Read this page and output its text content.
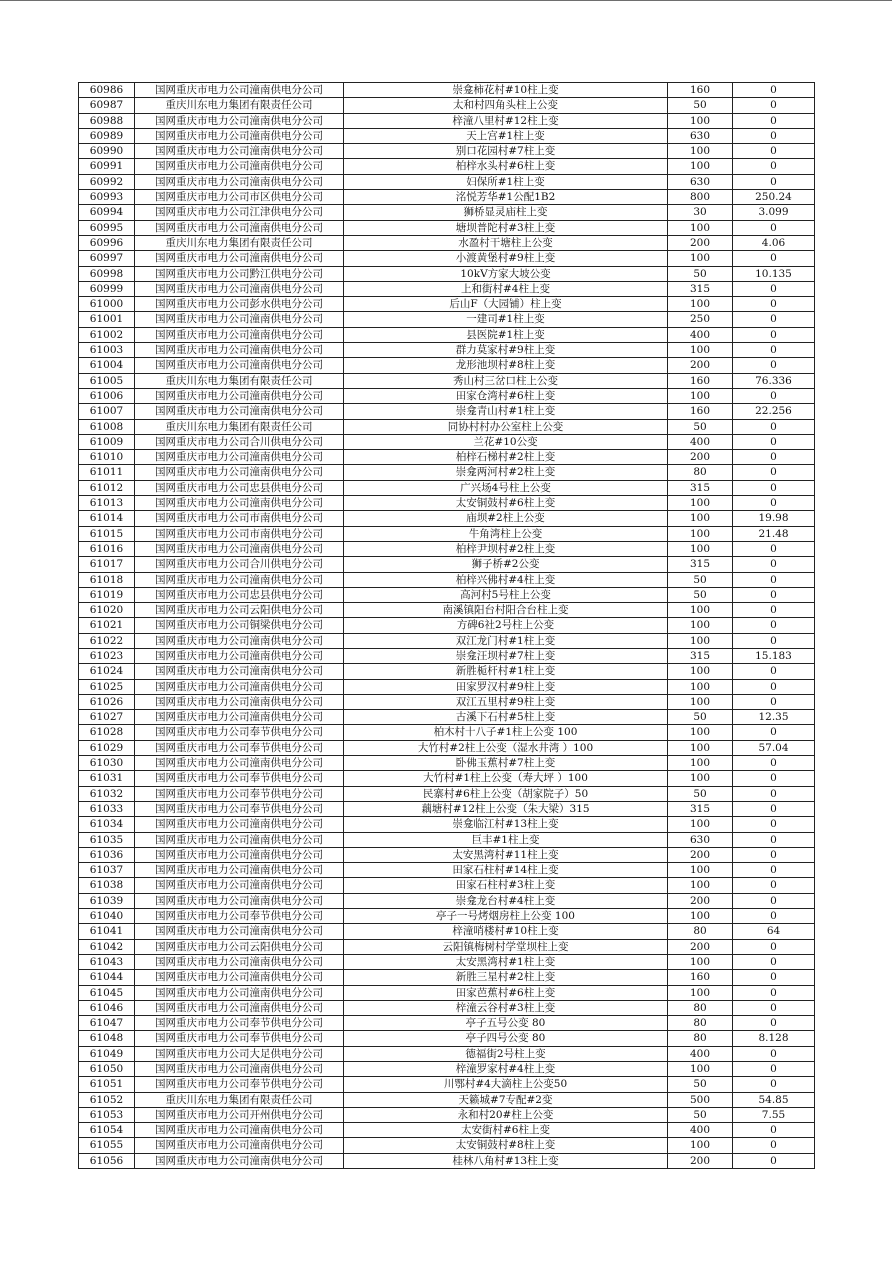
60986	国网重庆市电力公司潼南供电分公司	崇龛柿花村#10柱上变	160	0
60987	重庆川东电力集团有限责任公司	太和村四角头柱上公变	50	0
60988	国网重庆市电力公司潼南供电分公司	梓潼八里村#12柱上变	100	0
60989	国网重庆市电力公司潼南供电分公司	天上宫#1柱上变	630	0
60990	国网重庆市电力公司潼南供电分公司	别口花园村#7柱上变	100	0
60991	国网重庆市电力公司潼南供电分公司	柏梓水头村#6柱上变	100	0
60992	国网重庆市电力公司潼南供电分公司	妇保所#1柱上变	630	0
60993	国网重庆市电力公司市区供电分公司	洺悦芳华#1公配1B2	800	250.24
60994	国网重庆市电力公司江津供电分公司	狮桥显灵庙柱上变	30	3.099
60995	国网重庆市电力公司潼南供电分公司	塘坝普陀村#3柱上变	100	0
60996	重庆川东电力集团有限责任公司	水盈村干塘柱上公变	200	4.06
60997	国网重庆市电力公司潼南供电分公司	小渡黄堡村#9柱上变	100	0
60998	国网重庆市电力公司黔江供电分公司	10kV方家大坡公变	50	10.135
60999	国网重庆市电力公司潼南供电分公司	上和街村#4柱上变	315	0
61000	国网重庆市电力公司彭水供电分公司	后山F（大园铺）柱上变	100	0
61001	国网重庆市电力公司潼南供电分公司	一建司#1柱上变	250	0
61002	国网重庆市电力公司潼南供电分公司	县医院#1柱上变	400	0
61003	国网重庆市电力公司潼南供电分公司	群力莫家村#9柱上变	100	0
61004	国网重庆市电力公司潼南供电分公司	龙形池坝村#8柱上变	200	0
61005	重庆川东电力集团有限责任公司	秀山村三岔口柱上公变	160	76.336
61006	国网重庆市电力公司潼南供电分公司	田家仓湾村#6柱上变	100	0
61007	国网重庆市电力公司潼南供电分公司	崇龛青山村#1柱上变	160	22.256
61008	重庆川东电力集团有限责任公司	同协村村办公室柱上公变	50	0
61009	国网重庆市电力公司合川供电分公司	兰花#10公变	400	0
61010	国网重庆市电力公司潼南供电分公司	柏梓石梯村#2柱上变	200	0
61011	国网重庆市电力公司潼南供电分公司	崇龛两河村#2柱上变	80	0
61012	国网重庆市电力公司忠县供电分公司	广兴场4号柱上公变	315	0
61013	国网重庆市电力公司潼南供电分公司	太安铜鼓村#6柱上变	100	0
61014	国网重庆市电力公司市南供电分公司	庙坝#2柱上公变	100	19.98
61015	国网重庆市电力公司市南供电分公司	牛角湾柱上公变	100	21.48
61016	国网重庆市电力公司潼南供电分公司	柏梓尹坝村#2柱上变	100	0
61017	国网重庆市电力公司合川供电分公司	狮子桥#2公变	315	0
61018	国网重庆市电力公司潼南供电分公司	柏梓兴佛村#4柱上变	50	0
61019	国网重庆市电力公司忠县供电分公司	高河村5号柱上公变	50	0
61020	国网重庆市电力公司云阳供电分公司	南溪镇阳台村阳合台柱上变	100	0
61021	国网重庆市电力公司铜梁供电分公司	方碑6社2号柱上公变	100	0
61022	国网重庆市电力公司潼南供电分公司	双江龙门村#1柱上变	100	0
61023	国网重庆市电力公司潼南供电分公司	崇龛汪坝村#7柱上变	315	15.183
61024	国网重庆市电力公司潼南供电分公司	新胜栀杆村#1柱上变	100	0
61025	国网重庆市电力公司潼南供电分公司	田家罗汉村#9柱上变	100	0
61026	国网重庆市电力公司潼南供电分公司	双江五里村#9柱上变	100	0
61027	国网重庆市电力公司潼南供电分公司	古溪下石村#5柱上变	50	12.35
61028	国网重庆市电力公司奉节供电分公司	柏木村十八子#1柱上公变 100	100	0
61029	国网重庆市电力公司奉节供电分公司	大竹村#2柱上公变（湿水井湾 ）100	100	57.04
61030	国网重庆市电力公司潼南供电分公司	卧佛玉蕉村#7柱上变	100	0
61031	国网重庆市电力公司奉节供电分公司	大竹村#1柱上公变（寿大坪 ）100	100	0
61032	国网重庆市电力公司奉节供电分公司	民寨村#6柱上公变（胡家院子）50	50	0
61033	国网重庆市电力公司奉节供电分公司	藕塘村#12柱上公变（朱大梁）315	315	0
61034	国网重庆市电力公司潼南供电分公司	崇龛临江村#13柱上变	100	0
61035	国网重庆市电力公司潼南供电分公司	巨丰#1柱上变	630	0
61036	国网重庆市电力公司潼南供电分公司	太安黑湾村#11柱上变	200	0
61037	国网重庆市电力公司潼南供电分公司	田家石柱村#14柱上变	100	0
61038	国网重庆市电力公司潼南供电分公司	田家石柱村#3柱上变	100	0
61039	国网重庆市电力公司潼南供电分公司	崇龛龙台村#4柱上变	200	0
61040	国网重庆市电力公司奉节供电分公司	亭子一号烤烟房柱上公变 100	100	0
61041	国网重庆市电力公司潼南供电分公司	梓潼哨楼村#10柱上变	80	64
61042	国网重庆市电力公司云阳供电分公司	云阳镇梅树村学堂坝柱上变	200	0
61043	国网重庆市电力公司潼南供电分公司	太安黑湾村#1柱上变	100	0
61044	国网重庆市电力公司潼南供电分公司	新胜三星村#2柱上变	160	0
61045	国网重庆市电力公司潼南供电分公司	田家芭蕉村#6柱上变	100	0
61046	国网重庆市电力公司潼南供电分公司	梓潼云谷村#3柱上变	80	0
61047	国网重庆市电力公司奉节供电分公司	亭子五号公变 80	80	0
61048	国网重庆市电力公司奉节供电分公司	亭子四号公变 80	80	8.128
61049	国网重庆市电力公司大足供电分公司	德福街2号柱上变	400	0
61050	国网重庆市电力公司潼南供电分公司	梓潼罗家村#4柱上变	100	0
61051	国网重庆市电力公司奉节供电分公司	川鄂村#4大滴柱上公变50	50	0
61052	重庆川东电力集团有限责任公司	天籁城#7专配#2变	500	54.85
61053	国网重庆市电力公司开州供电分公司	永和村20#柱上公变	50	7.55
61054	国网重庆市电力公司潼南供电分公司	太安街村#6柱上变	400	0
61055	国网重庆市电力公司潼南供电分公司	太安铜鼓村#8柱上变	100	0
61056	国网重庆市电力公司潼南供电分公司	桂林八角村#13柱上变	200	0
